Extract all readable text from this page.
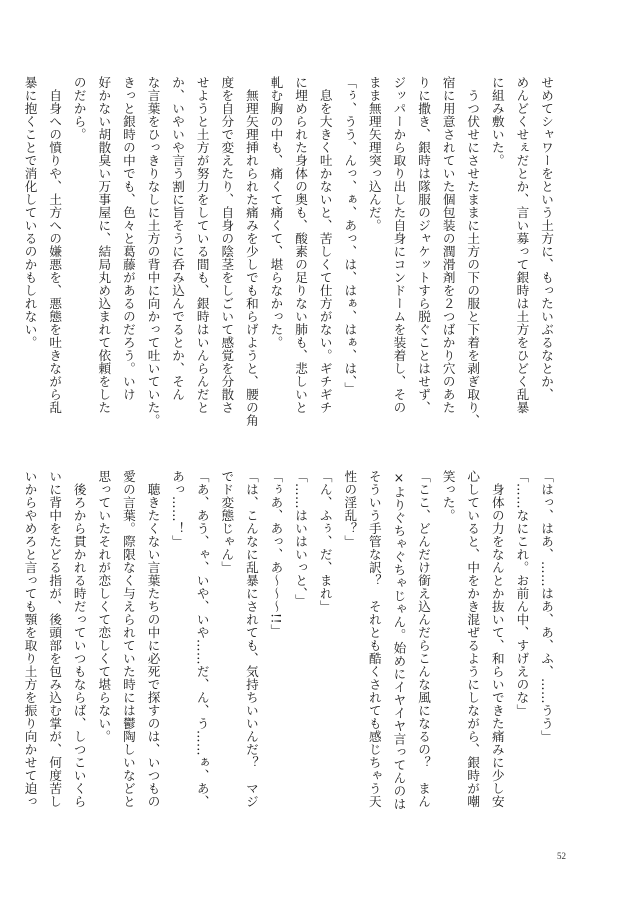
せめてシャワーをという土方に、もったいぶるなとか、
めんどくせぇだとか、言い募って銀時は土方をひどく乱暴
に組み敷いた。
　うつ伏せにさせたままに土方の下の服と下着を剥ぎ取り、
宿に用意されていた個包装の潤滑剤を２つばかり穴のあた
りに撒き、銀時は隊服のジャケットすら脱ぐことはせず、
ジッパーから取り出した自身にコンドームを装着し、その
まま無理矢理突っ込んだ。
「ぅ、うう、んっ、ぁ、あっ、は、はぁ、はぁ、は、」
　息を大きく吐かないと、苦しくて仕方がない。ギチギチ
に埋められた身体の奥も、酸素の足りない肺も、悲しいと
軋む胸の中も、痛くて痛くて、堪らなかった。
　無理矢理挿れられた痛みを少しでも和らげようと、腰の角
度を自分で変えたり、自身の陰茎をしごいて感覚を分散さ
せようと土方が努力をしている間も、銀時はいんらんだと
か、いやいや言う割に旨そうに呑み込んでるとか、そん
な言葉をひっきりなしに土方の背中に向かって吐いていた。
きっと銀時の中でも、色々と葛藤があるのだろう。いけ
好かない胡散臭い万事屋に、結局丸め込まれて依頼をした
のだから。
　自身への憤りや、土方への嫌悪を、悪態を吐きながら乱
暴に抱くことで消化しているのかもしれない。
「はっ、はあ、……はあ、あ、ふ、……うう」
「……なにこれ。お前ん中、すげえのな」
　身体の力をなんとか抜いて、和らいできた痛みに少し安
心していると、中をかき混ぜるようにしながら、銀時が嘲
笑った。
「ここ、どんだけ銜え込んだらこんな風になるの？　まん
×よりぐちゃぐちゃじゃん。始めにイヤイヤ言ってんのは
そういう手管な訳？　それとも酷くされても感じちゃう天
性の淫乱？」
「ん、ふぅ、だ、まれ」
「……はいはいっと、」
「ぅあ、あっ、あ〜〜〜!!」
「は、こんなに乱暴にされても、気持ちいいんだ？　マジ
でド変態じゃん」
「あ、あう、ゃ、いや、いや……だ、ん、う……ぁ、あ、
あっ……！」
　聴きたくない言葉たちの中に必死で探すのは、いつもの
愛の言葉。際限なく与えられていた時には鬱陶しいなどと
思っていたそれが恋しくて恋しくて堪らない。
　後ろから貫かれる時だっていつもならば、しつこいくら
いに背中をたどる指が、後頭部を包み込む掌が、何度苦し
いからやめろと言っても顎を取り土方を振り向かせて迫っ
52
